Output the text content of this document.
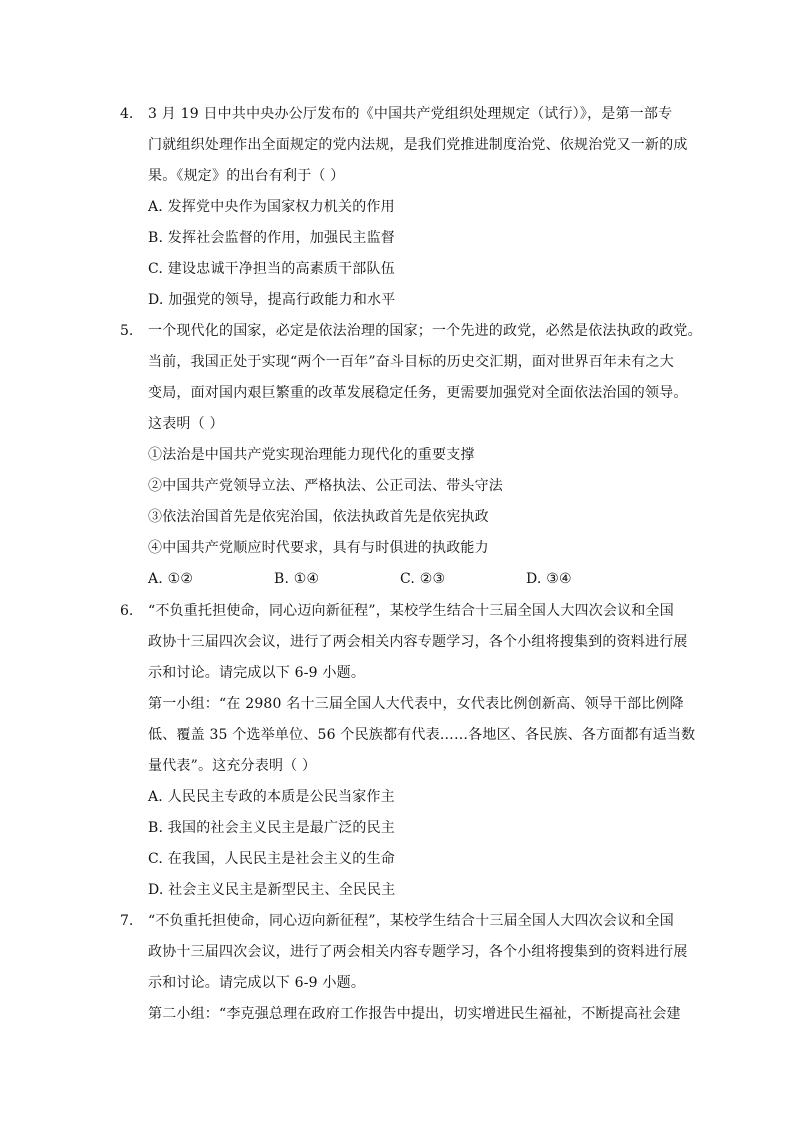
4. 3 月 19 日中共中央办公厅发布的《中国共产党组织处理规定（试行）》，是第一部专
门就组织处理作出全面规定的党内法规，是我们党推进制度治党、依规治党又一新的成
果。《规定》的出台有利于（ ）
A. 发挥党中央作为国家权力机关的作用
B. 发挥社会监督的作用，加强民主监督
C. 建设忠诚干净担当的高素质干部队伍
D. 加强党的领导，提高行政能力和水平
5. 一个现代化的国家，必定是依法治理的国家；一个先进的政党，必然是依法执政的政党。
当前，我国正处于实现“两个一百年”奋斗目标的历史交汇期，面对世界百年未有之大
变局，面对国内艰巨繁重的改革发展稳定任务，更需要加强党对全面依法治国的领导。
这表明（ ）
①法治是中国共产党实现治理能力现代化的重要支撑
②中国共产党领导立法、严格执法、公正司法、带头守法
③依法治国首先是依宪治国，依法执政首先是依宪执政
④中国共产党顺应时代要求，具有与时俱进的执政能力
A. ①②	B. ①④	C. ②③	D. ③④
6. “不负重托担使命，同心迈向新征程”，某校学生结合十三届全国人大四次会议和全国
政协十三届四次会议，进行了两会相关内容专题学习，各个小组将搜集到的资料进行展
示和讨论。请完成以下 6-9 小题。
第一小组：“在 2980 名十三届全国人大代表中，女代表比例创新高、领导干部比例降
低、覆盖 35 个选举单位、56 个民族都有代表……各地区、各民族、各方面都有适当数
量代表”。这充分表明（ ）
A. 人民民主专政的本质是公民当家作主
B. 我国的社会主义民主是最广泛的民主
C. 在我国，人民民主是社会主义的生命
D. 社会主义民主是新型民主、全民民主
7. “不负重托担使命，同心迈向新征程”，某校学生结合十三届全国人大四次会议和全国
政协十三届四次会议，进行了两会相关内容专题学习，各个小组将搜集到的资料进行展
示和讨论。请完成以下 6-9 小题。
第二小组：“李克强总理在政府工作报告中提出，切实增进民生福祉，不断提高社会建
